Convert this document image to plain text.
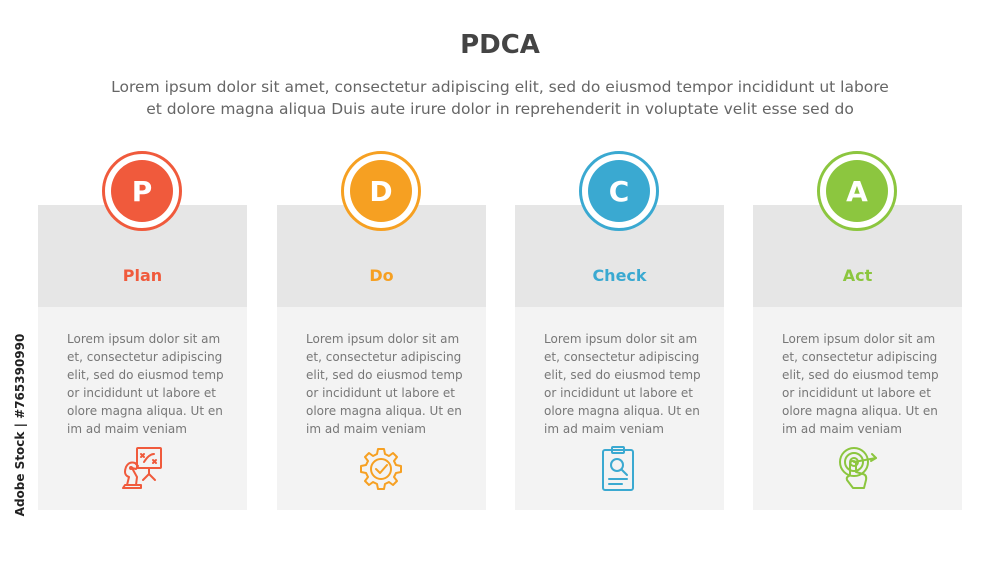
PDCA
Lorem ipsum dolor sit amet, consectetur adipiscing elit, sed do eiusmod tempor incididunt ut labore
et dolore magna aliqua Duis aute irure dolor in reprehenderit in voluptate velit esse sed do
P
Plan
Lorem ipsum dolor sit am
et, consectetur adipiscing
elit, sed do eiusmod temp
or incididunt ut labore et
olore magna aliqua. Ut en
im ad maim veniam
D
Do
Lorem ipsum dolor sit am
et, consectetur adipiscing
elit, sed do eiusmod temp
or incididunt ut labore et
olore magna aliqua. Ut en
im ad maim veniam
C
Check
Lorem ipsum dolor sit am
et, consectetur adipiscing
elit, sed do eiusmod temp
or incididunt ut labore et
olore magna aliqua. Ut en
im ad maim veniam
A
Act
Lorem ipsum dolor sit am
et, consectetur adipiscing
elit, sed do eiusmod temp
or incididunt ut labore et
olore magna aliqua. Ut en
im ad maim veniam
Adobe Stock | #765390990
